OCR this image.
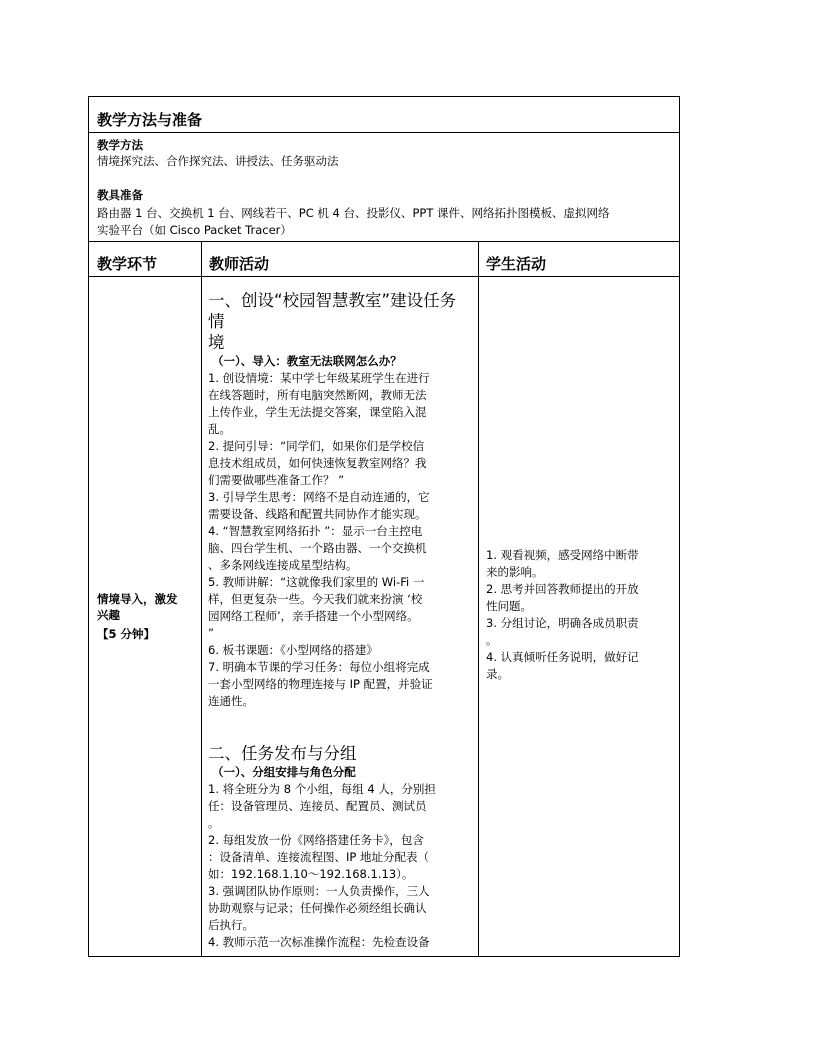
教学方法与准备
教学方法
情境探究法、合作探究法、讲授法、任务驱动法
教具准备
路由器 1 台、交换机 1 台、网线若干、PC 机 4 台、投影仪、PPT 课件、网络拓扑图模板、虚拟网络
实验平台（如 Cisco Packet Tracer）
教学环节	教师活动	学生活动
情境导入，激发
兴趣
【5 分钟】
一、创设“校园智慧教室”建设任务情
境
（一）、导入：教室无法联网怎么办？
1. 创设情境：某中学七年级某班学生在进行
在线答题时，所有电脑突然断网，教师无法
上传作业，学生无法提交答案，课堂陷入混
乱。
2. 提问引导：“同学们，如果你们是学校信
息技术组成员，如何快速恢复教室网络？我
们需要做哪些准备工作？ ”
3. 引导学生思考：网络不是自动连通的，它
需要设备、线路和配置共同协作才能实现。
4. “智慧教室网络拓扑 ”：显示一台主控电
脑、四台学生机、一个路由器、一个交换机
、多条网线连接成星型结构。
5. 教师讲解：“这就像我们家里的 Wi-Fi 一
样，但更复杂一些。今天我们就来扮演 ‘校
园网络工程师’，亲手搭建一个小型网络。
”
6. 板书课题：《小型网络的搭建》
7. 明确本节课的学习任务：每位小组将完成
一套小型网络的物理连接与 IP 配置，并验证
连通性。
二、任务发布与分组
（一）、分组安排与角色分配
1. 将全班分为 8 个小组，每组 4 人，分别担
任：设备管理员、连接员、配置员、测试员
。
2. 每组发放一份《网络搭建任务卡》，包含
：设备清单、连接流程图、IP 地址分配表（
如：192.168.1.10～192.168.1.13）。
3. 强调团队协作原则：一人负责操作，三人
协助观察与记录；任何操作必须经组长确认
后执行。
4. 教师示范一次标准操作流程：先检查设备
1. 观看视频，感受网络中断带
来的影响。
2. 思考并回答教师提出的开放
性问题。
3. 分组讨论，明确各成员职责
。
4. 认真倾听任务说明，做好记
录。
